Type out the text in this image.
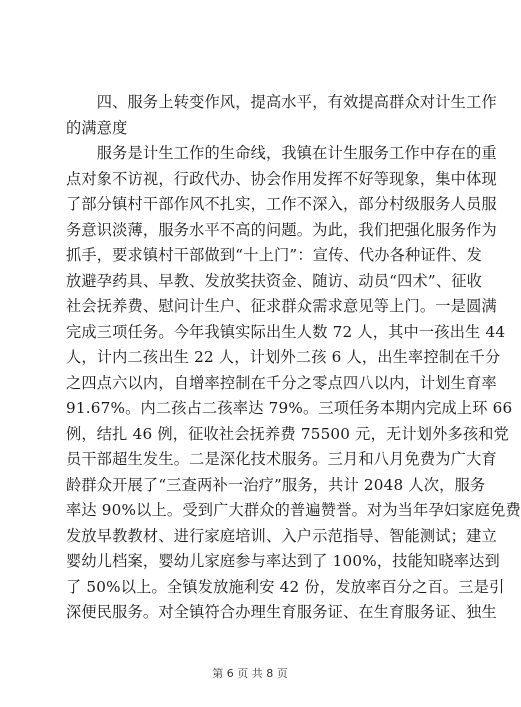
　　四、服务上转变作风，提高水平，有效提高群众对计生工作
的满意度
　　服务是计生工作的生命线，我镇在计生服务工作中存在的重
点对象不访视，行政代办、协会作用发挥不好等现象，集中体现
了部分镇村干部作风不扎实，工作不深入，部分村级服务人员服
务意识淡薄，服务水平不高的问题。为此，我们把强化服务作为
抓手，要求镇村干部做到“十上门”：宣传、代办各种证件、发
放避孕药具、早教、发放奖扶资金、随访、动员“四术”、征收
社会抚养费、慰问计生户、征求群众需求意见等上门。一是圆满
完成三项任务。今年我镇实际出生人数 72 人，其中一孩出生 44
人，计内二孩出生 22 人，计划外二孩 6 人，出生率控制在千分
之四点六以内，自增率控制在千分之零点四八以内，计划生育率
91.67%。内二孩占二孩率达 79%。三项任务本期内完成上环 66
例，结扎 46 例，征收社会抚养费 75500 元，无计划外多孩和党
员干部超生发生。二是深化技术服务。三月和八月免费为广大育
龄群众开展了“三查两补一治疗”服务，共计 2048 人次，服务
率达 90%以上。受到广大群众的普遍赞誉。对为当年孕妇家庭免费
发放早教教材、进行家庭培训、入户示范指导、智能测试；建立
婴幼儿档案，婴幼儿家庭参与率达到了 100%，技能知晓率达到
了 50%以上。全镇发放施利安 42 份，发放率百分之百。三是引
深便民服务。对全镇符合办理生育服务证、在生育服务证、独生
第 6 页 共 8 页
